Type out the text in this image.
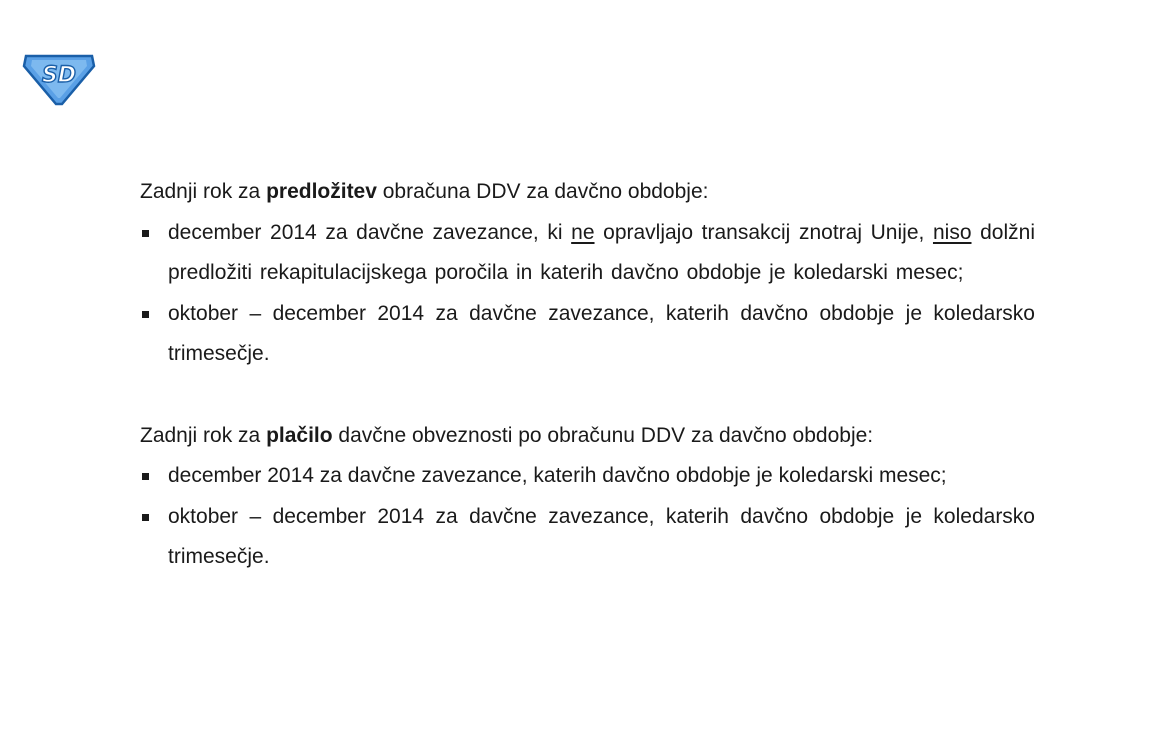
SD

Zadnji rok za predložitev obračuna DDV za davčno obdobje:

december 2014 za davčne zavezance, ki ne opravljajo transakcij znotraj Unije, niso dolžni predložiti rekapitulacijskega poročila in katerih davčno obdobje je koledarski mesec;
oktober – december 2014 za davčne zavezance, katerih davčno obdobje je koledarsko trimesečje.

Zadnji rok za plačilo davčne obveznosti po obračunu DDV za davčno obdobje:

december 2014 za davčne zavezance, katerih davčno obdobje je koledarski mesec;
oktober – december 2014 za davčne zavezance, katerih davčno obdobje je koledarsko trimesečje.
